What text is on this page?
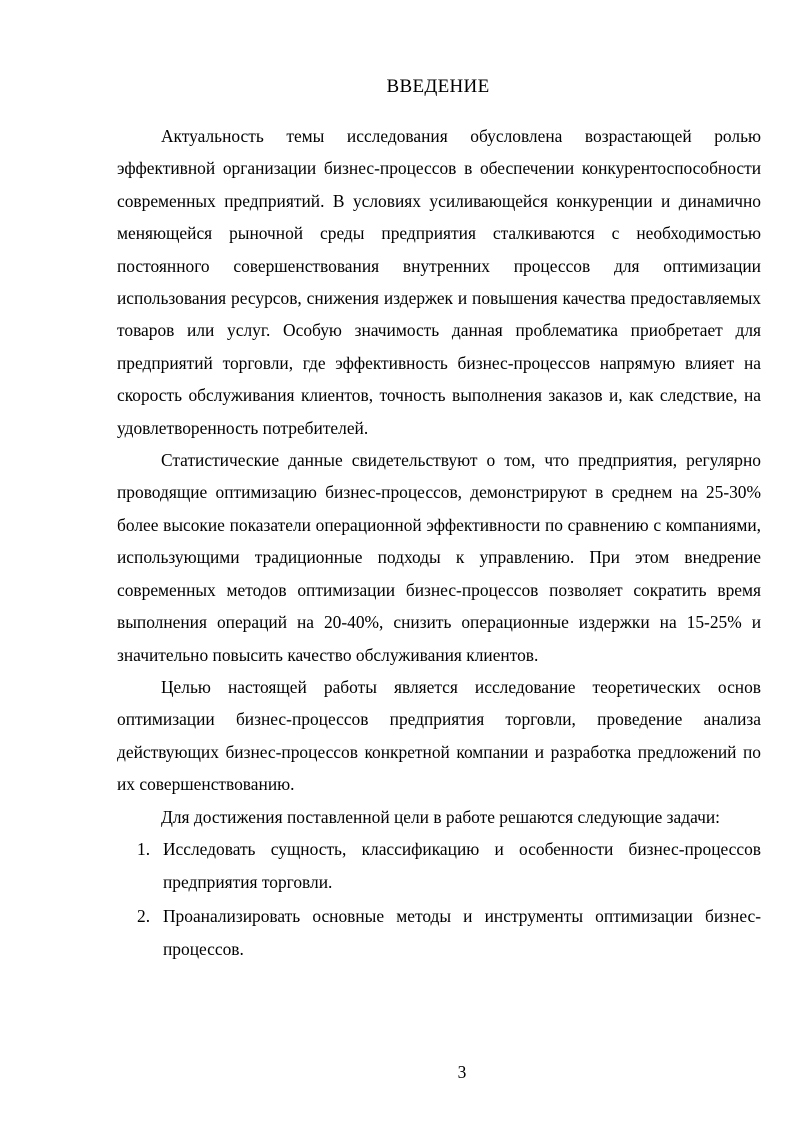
ВВЕДЕНИЕ

Актуальность темы исследования обусловлена возрастающей ролью эффективной организации бизнес-процессов в обеспечении конкурентоспособности современных предприятий. В условиях усиливающейся конкуренции и динамично меняющейся рыночной среды предприятия сталкиваются с необходимостью постоянного совершенствования внутренних процессов для оптимизации использования ресурсов, снижения издержек и повышения качества предоставляемых товаров или услуг. Особую значимость данная проблематика приобретает для предприятий торговли, где эффективность бизнес-процессов напрямую влияет на скорость обслуживания клиентов, точность выполнения заказов и, как следствие, на удовлетворенность потребителей.

Статистические данные свидетельствуют о том, что предприятия, регулярно проводящие оптимизацию бизнес-процессов, демонстрируют в среднем на 25-30% более высокие показатели операционной эффективности по сравнению с компаниями, использующими традиционные подходы к управлению. При этом внедрение современных методов оптимизации бизнес-процессов позволяет сократить время выполнения операций на 20-40%, снизить операционные издержки на 15-25% и значительно повысить качество обслуживания клиентов.

Целью настоящей работы является исследование теоретических основ оптимизации бизнес-процессов предприятия торговли, проведение анализа действующих бизнес-процессов конкретной компании и разработка предложений по их совершенствованию.

Для достижения поставленной цели в работе решаются следующие задачи:

1. Исследовать сущность, классификацию и особенности бизнес-процессов предприятия торговли.
2. Проанализировать основные методы и инструменты оптимизации бизнес-процессов.
3
